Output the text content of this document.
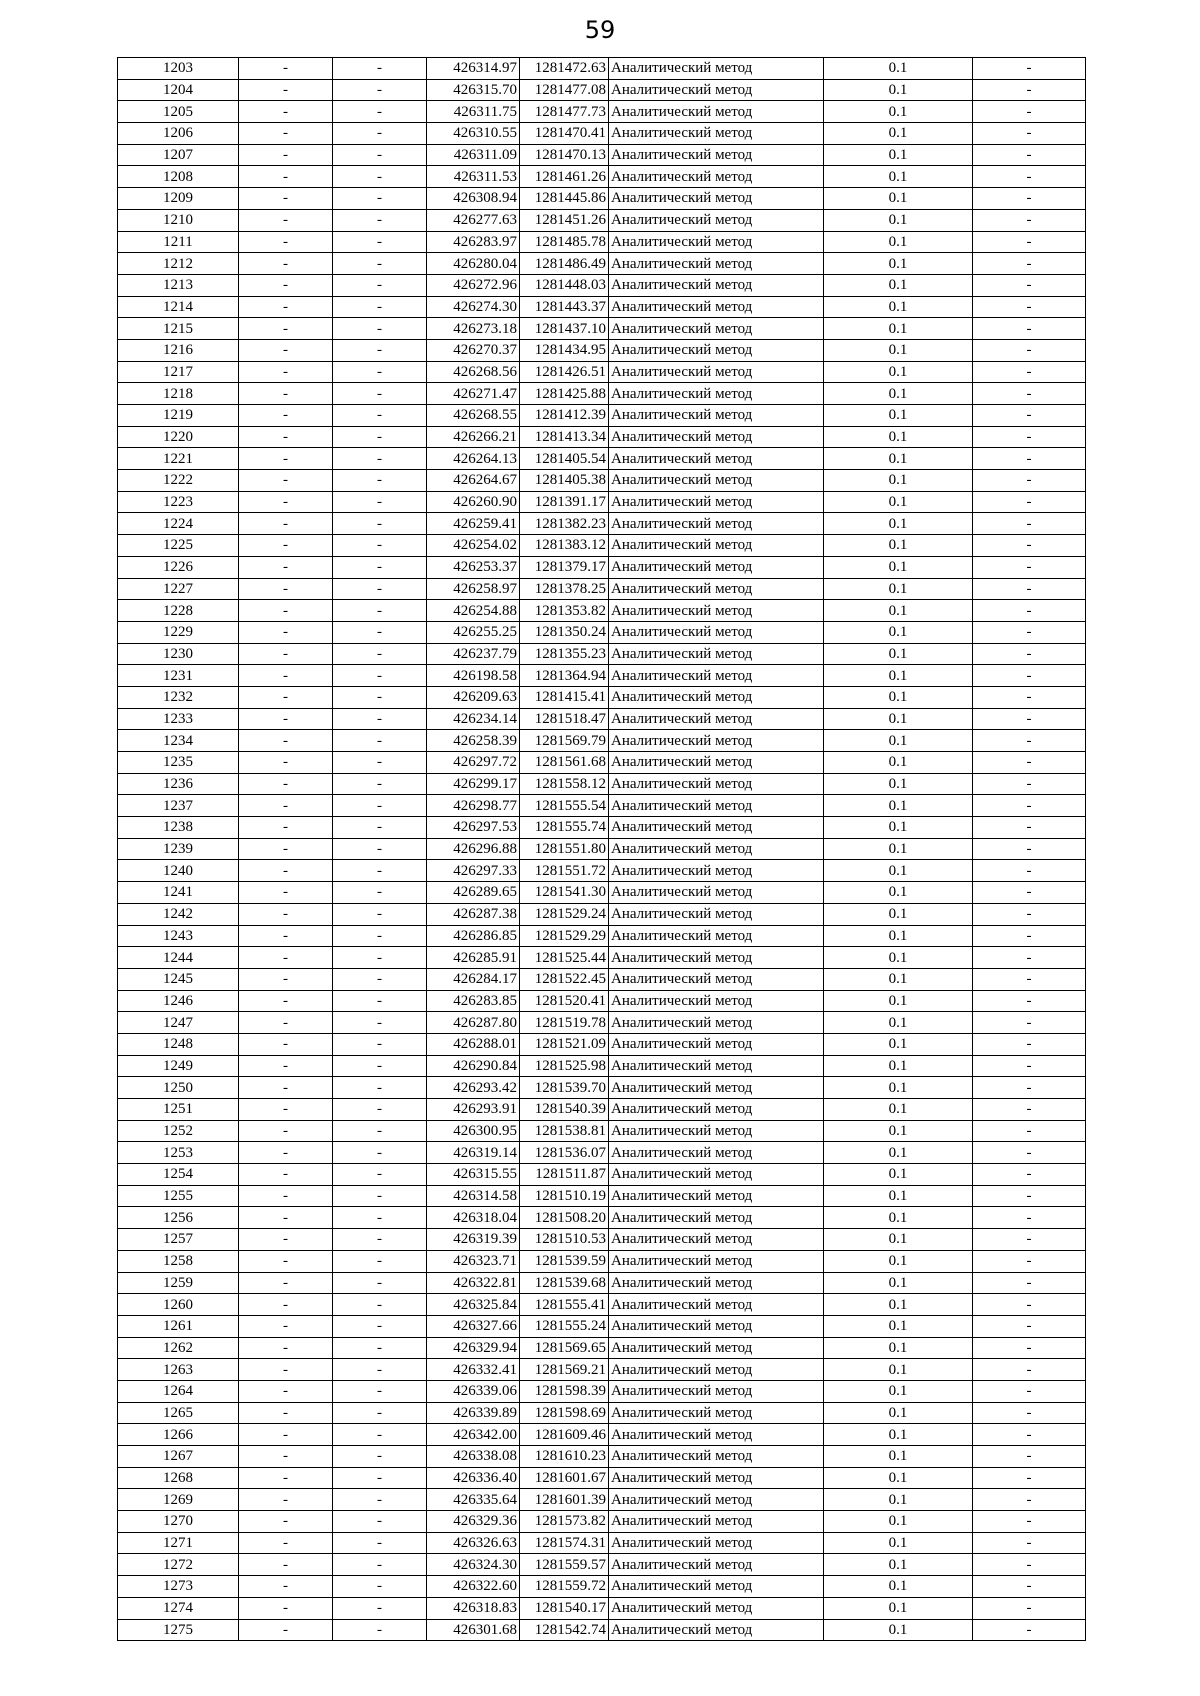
59
1203	-	-	426314.97	1281472.63	Аналитический метод	0.1	-
1204	-	-	426315.70	1281477.08	Аналитический метод	0.1	-
1205	-	-	426311.75	1281477.73	Аналитический метод	0.1	-
1206	-	-	426310.55	1281470.41	Аналитический метод	0.1	-
1207	-	-	426311.09	1281470.13	Аналитический метод	0.1	-
1208	-	-	426311.53	1281461.26	Аналитический метод	0.1	-
1209	-	-	426308.94	1281445.86	Аналитический метод	0.1	-
1210	-	-	426277.63	1281451.26	Аналитический метод	0.1	-
1211	-	-	426283.97	1281485.78	Аналитический метод	0.1	-
1212	-	-	426280.04	1281486.49	Аналитический метод	0.1	-
1213	-	-	426272.96	1281448.03	Аналитический метод	0.1	-
1214	-	-	426274.30	1281443.37	Аналитический метод	0.1	-
1215	-	-	426273.18	1281437.10	Аналитический метод	0.1	-
1216	-	-	426270.37	1281434.95	Аналитический метод	0.1	-
1217	-	-	426268.56	1281426.51	Аналитический метод	0.1	-
1218	-	-	426271.47	1281425.88	Аналитический метод	0.1	-
1219	-	-	426268.55	1281412.39	Аналитический метод	0.1	-
1220	-	-	426266.21	1281413.34	Аналитический метод	0.1	-
1221	-	-	426264.13	1281405.54	Аналитический метод	0.1	-
1222	-	-	426264.67	1281405.38	Аналитический метод	0.1	-
1223	-	-	426260.90	1281391.17	Аналитический метод	0.1	-
1224	-	-	426259.41	1281382.23	Аналитический метод	0.1	-
1225	-	-	426254.02	1281383.12	Аналитический метод	0.1	-
1226	-	-	426253.37	1281379.17	Аналитический метод	0.1	-
1227	-	-	426258.97	1281378.25	Аналитический метод	0.1	-
1228	-	-	426254.88	1281353.82	Аналитический метод	0.1	-
1229	-	-	426255.25	1281350.24	Аналитический метод	0.1	-
1230	-	-	426237.79	1281355.23	Аналитический метод	0.1	-
1231	-	-	426198.58	1281364.94	Аналитический метод	0.1	-
1232	-	-	426209.63	1281415.41	Аналитический метод	0.1	-
1233	-	-	426234.14	1281518.47	Аналитический метод	0.1	-
1234	-	-	426258.39	1281569.79	Аналитический метод	0.1	-
1235	-	-	426297.72	1281561.68	Аналитический метод	0.1	-
1236	-	-	426299.17	1281558.12	Аналитический метод	0.1	-
1237	-	-	426298.77	1281555.54	Аналитический метод	0.1	-
1238	-	-	426297.53	1281555.74	Аналитический метод	0.1	-
1239	-	-	426296.88	1281551.80	Аналитический метод	0.1	-
1240	-	-	426297.33	1281551.72	Аналитический метод	0.1	-
1241	-	-	426289.65	1281541.30	Аналитический метод	0.1	-
1242	-	-	426287.38	1281529.24	Аналитический метод	0.1	-
1243	-	-	426286.85	1281529.29	Аналитический метод	0.1	-
1244	-	-	426285.91	1281525.44	Аналитический метод	0.1	-
1245	-	-	426284.17	1281522.45	Аналитический метод	0.1	-
1246	-	-	426283.85	1281520.41	Аналитический метод	0.1	-
1247	-	-	426287.80	1281519.78	Аналитический метод	0.1	-
1248	-	-	426288.01	1281521.09	Аналитический метод	0.1	-
1249	-	-	426290.84	1281525.98	Аналитический метод	0.1	-
1250	-	-	426293.42	1281539.70	Аналитический метод	0.1	-
1251	-	-	426293.91	1281540.39	Аналитический метод	0.1	-
1252	-	-	426300.95	1281538.81	Аналитический метод	0.1	-
1253	-	-	426319.14	1281536.07	Аналитический метод	0.1	-
1254	-	-	426315.55	1281511.87	Аналитический метод	0.1	-
1255	-	-	426314.58	1281510.19	Аналитический метод	0.1	-
1256	-	-	426318.04	1281508.20	Аналитический метод	0.1	-
1257	-	-	426319.39	1281510.53	Аналитический метод	0.1	-
1258	-	-	426323.71	1281539.59	Аналитический метод	0.1	-
1259	-	-	426322.81	1281539.68	Аналитический метод	0.1	-
1260	-	-	426325.84	1281555.41	Аналитический метод	0.1	-
1261	-	-	426327.66	1281555.24	Аналитический метод	0.1	-
1262	-	-	426329.94	1281569.65	Аналитический метод	0.1	-
1263	-	-	426332.41	1281569.21	Аналитический метод	0.1	-
1264	-	-	426339.06	1281598.39	Аналитический метод	0.1	-
1265	-	-	426339.89	1281598.69	Аналитический метод	0.1	-
1266	-	-	426342.00	1281609.46	Аналитический метод	0.1	-
1267	-	-	426338.08	1281610.23	Аналитический метод	0.1	-
1268	-	-	426336.40	1281601.67	Аналитический метод	0.1	-
1269	-	-	426335.64	1281601.39	Аналитический метод	0.1	-
1270	-	-	426329.36	1281573.82	Аналитический метод	0.1	-
1271	-	-	426326.63	1281574.31	Аналитический метод	0.1	-
1272	-	-	426324.30	1281559.57	Аналитический метод	0.1	-
1273	-	-	426322.60	1281559.72	Аналитический метод	0.1	-
1274	-	-	426318.83	1281540.17	Аналитический метод	0.1	-
1275	-	-	426301.68	1281542.74	Аналитический метод	0.1	-
